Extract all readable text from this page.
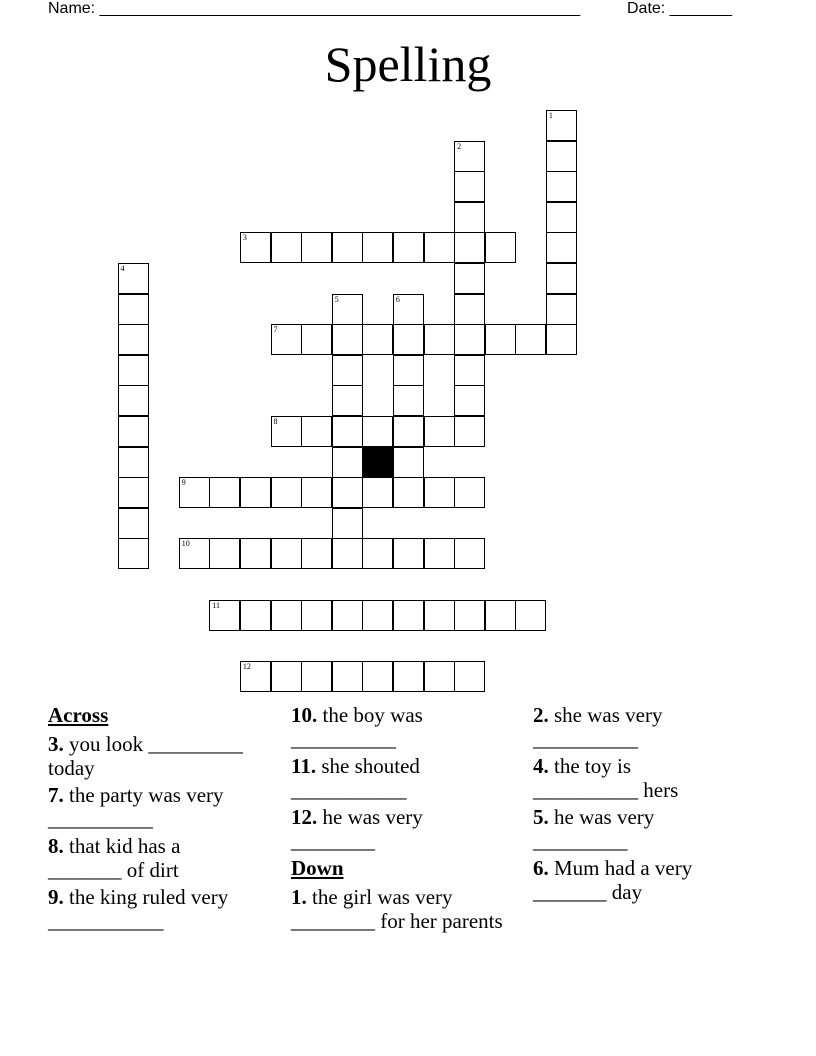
Name: ______________________________________________________	Date: _______
Spelling
1
2
3
4
5	6
7
8
9
10
11
12
Across
3. you look _________ today
7. the party was very __________
8. that kid has a _______ of dirt
9. the king ruled very ___________
10. the boy was __________
11. she shouted ___________
12. he was very ________
Down
1. the girl was very ________ for her parents
2. she was very __________
4. the toy is __________ hers
5. he was very _________
6. Mum had a very _______ day
